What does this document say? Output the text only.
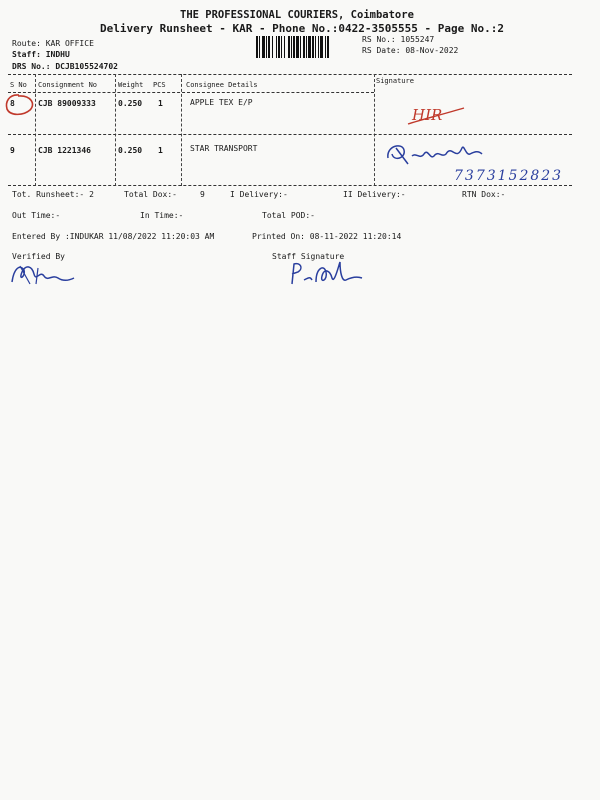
THE PROFESSIONAL COURIERS, Coimbatore
Delivery Runsheet - KAR - Phone No.:0422-3505555 - Page No.:2
Route: KAR OFFICE
Staff: INDHU
DRS No.: DCJB105524702
RS No.: 1055247
RS Date: 08-Nov-2022
S No Consignment No	Weight PCS	Consignee Details	Signature
8	CJB 89009333	0.250 1	APPLE TEX E/P
HIR
9	CJB 1221346	0.250 1	STAR TRANSPORT
7373152823
Tot. Runsheet:- 2	Total Dox:-	9	I Delivery:-	II Delivery:-	RTN Dox:-
Out Time:-	In Time:-	Total POD:-
Entered By :INDUKAR 11/08/2022 11:20:03 AM	Printed On: 08-11-2022 11:20:14
Verified By	Staff Signature
